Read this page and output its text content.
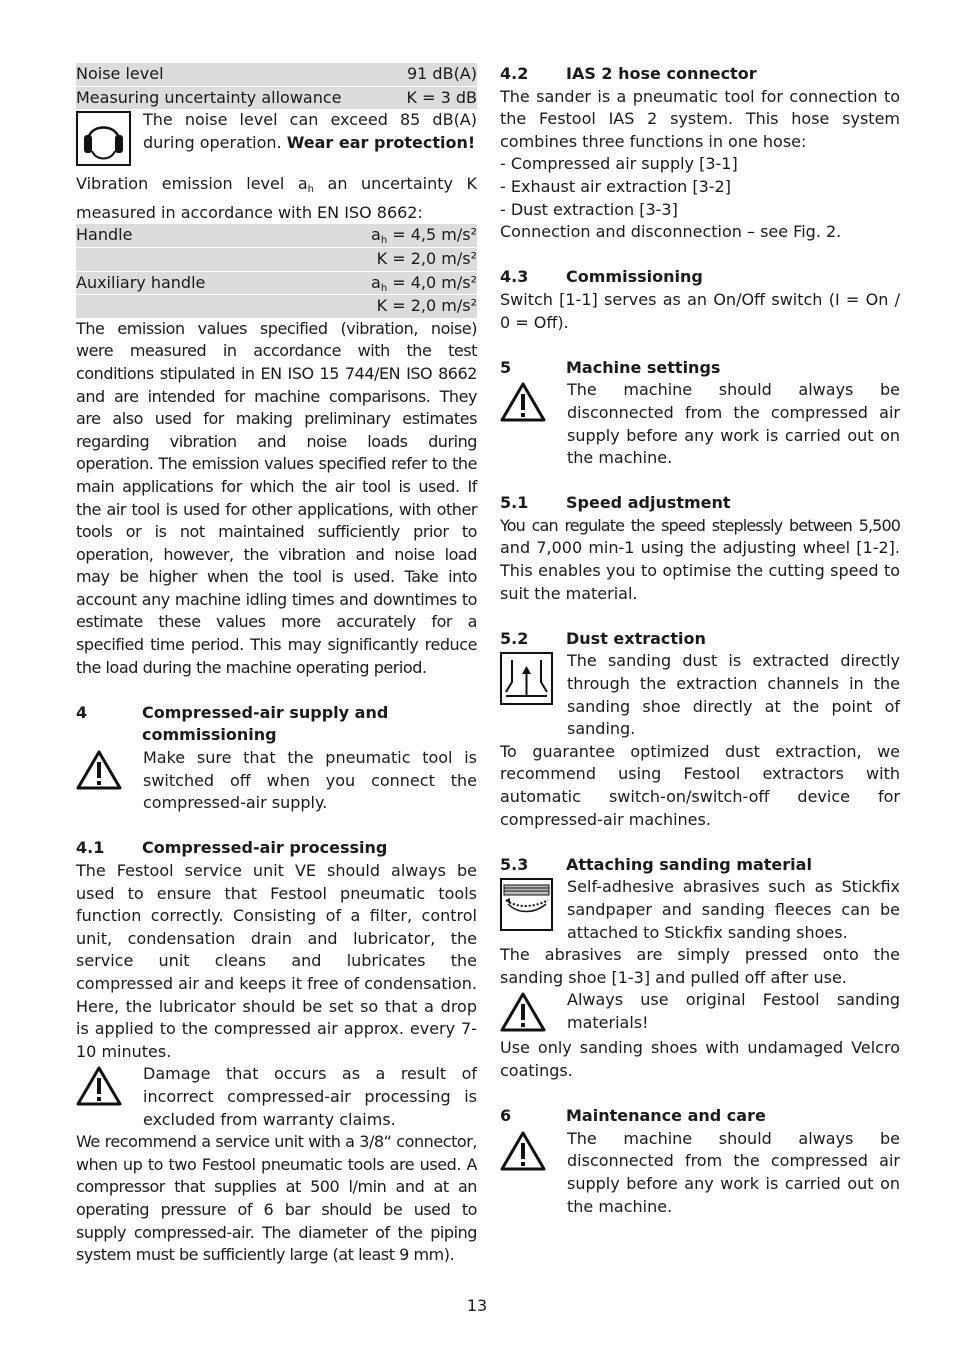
Noise level	91 dB(A)
Measuring uncertainty allowance	K = 3 dB

The noise level can exceed 85 dB(A) during operation. Wear ear protection!

Vibration emission level $a_h$ an uncertainty K measured in accordance with EN ISO 8662:

Handle	$a_h = 4,5$ m/s²
K = 2,0 m/s²
Auxiliary handle	$a_h = 4,0$ m/s²
K = 2,0 m/s²

The emission values specified (vibration, noise) were measured in accordance with the test conditions stipulated in EN ISO 15 744/EN ISO 8662 and are intended for machine comparisons. They are also used for making preliminary estimates regarding vibration and noise loads during operation. The emission values specified refer to the main applications for which the air tool is used. If the air tool is used for other applications, with other tools or is not maintained sufficiently prior to operation, however, the vibration and noise load may be higher when the tool is used. Take into account any machine idling times and downtimes to estimate these values more accurately for a specified time period. This may significantly reduce the load during the machine operating period.

4	Compressed-air supply and commissioning

Make sure that the pneumatic tool is switched off when you connect the compressed-air supply.

4.1	Compressed-air processing

The Festool service unit VE should always be used to ensure that Festool pneumatic tools function correctly. Consisting of a filter, control unit, condensation drain and lubricator, the service unit cleans and lubricates the compressed air and keeps it free of condensation. Here, the lubricator should be set so that a drop is applied to the compressed air approx. every 7-10 minutes.

Damage that occurs as a result of incorrect compressed-air processing is excluded from warranty claims.

We recommend a service unit with a 3/8“ connector, when up to two Festool pneumatic tools are used. A compressor that supplies at 500 l/min and at an operating pressure of 6 bar should be used to supply compressed-air. The diameter of the piping system must be sufficiently large (at least 9 mm).

4.2	IAS 2 hose connector

The sander is a pneumatic tool for connection to the Festool IAS 2 system. This hose system combines three functions in one hose:

- Compressed air supply [3-1]

- Exhaust air extraction [3-2]

- Dust extraction [3-3]

Connection and disconnection – see Fig. 2.

4.3	Commissioning

Switch [1-1] serves as an On/Off switch (I = On / 0 = Off).

5	Machine settings

The machine should always be disconnected from the compressed air supply before any work is carried out on the machine.

5.1	Speed adjustment

You can regulate the speed steplessly between 5,500 and 7,000 min-1 using the adjusting wheel [1-2]. This enables you to optimise the cutting speed to suit the material.

5.2	Dust extraction

The sanding dust is extracted directly through the extraction channels in the sanding shoe directly at the point of sanding.

To guarantee optimized dust extraction, we recommend using Festool extractors with automatic switch-on/switch-off device for compressed-air machines.

5.3	Attaching sanding material

Self-adhesive abrasives such as Stickfix sandpaper and sanding fleeces can be attached to Stickfix sanding shoes.

The abrasives are simply pressed onto the sanding shoe [1-3] and pulled off after use.

Always use original Festool sanding materials!

Use only sanding shoes with undamaged Velcro coatings.

6	Maintenance and care

The machine should always be disconnected from the compressed air supply before any work is carried out on the machine.

13
